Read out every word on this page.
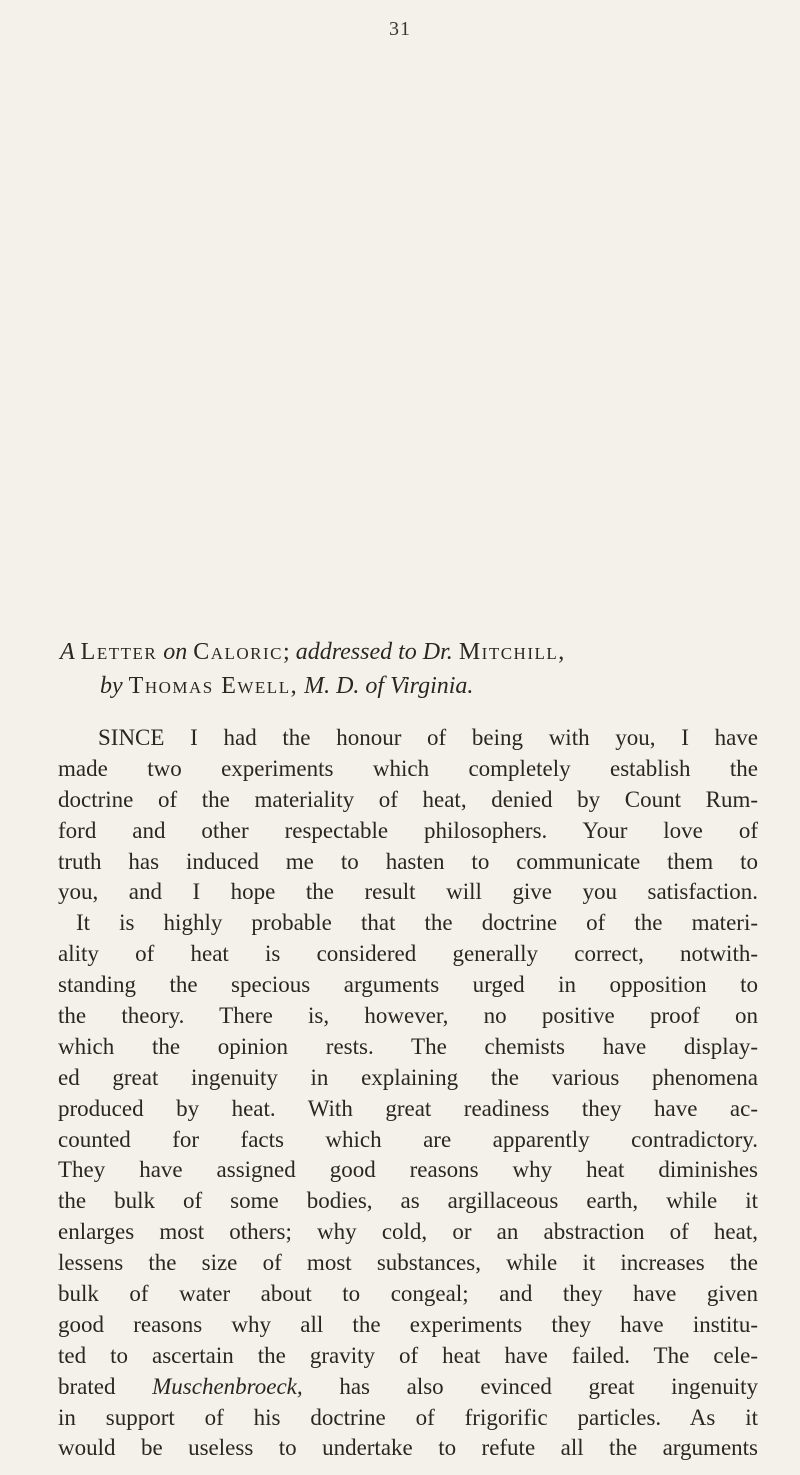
31
A Letter on Caloric; addressed to Dr. Mitchill,
by Thomas Ewell, M. D. of Virginia.
SINCE I had the honour of being with you, I have
made two experiments which completely establish the
doctrine of the materiality of heat, denied by Count Rum-
ford and other respectable philosophers. Your love of
truth has induced me to hasten to communicate them to
you, and I hope the result will give you satisfaction.
It is highly probable that the doctrine of the materi-
ality of heat is considered generally correct, notwith-
standing the specious arguments urged in opposition to
the theory. There is, however, no positive proof on
which the opinion rests. The chemists have display-
ed great ingenuity in explaining the various phenomena
produced by heat. With great readiness they have ac-
counted for facts which are apparently contradictory.
They have assigned good reasons why heat diminishes
the bulk of some bodies, as argillaceous earth, while it
enlarges most others; why cold, or an abstraction of heat,
lessens the size of most substances, while it increases the
bulk of water about to congeal; and they have given
good reasons why all the experiments they have institu-
ted to ascertain the gravity of heat have failed. The cele-
brated Muschenbroeck, has also evinced great ingenuity
in support of his doctrine of frigorific particles. As it
would be useless to undertake to refute all the arguments
